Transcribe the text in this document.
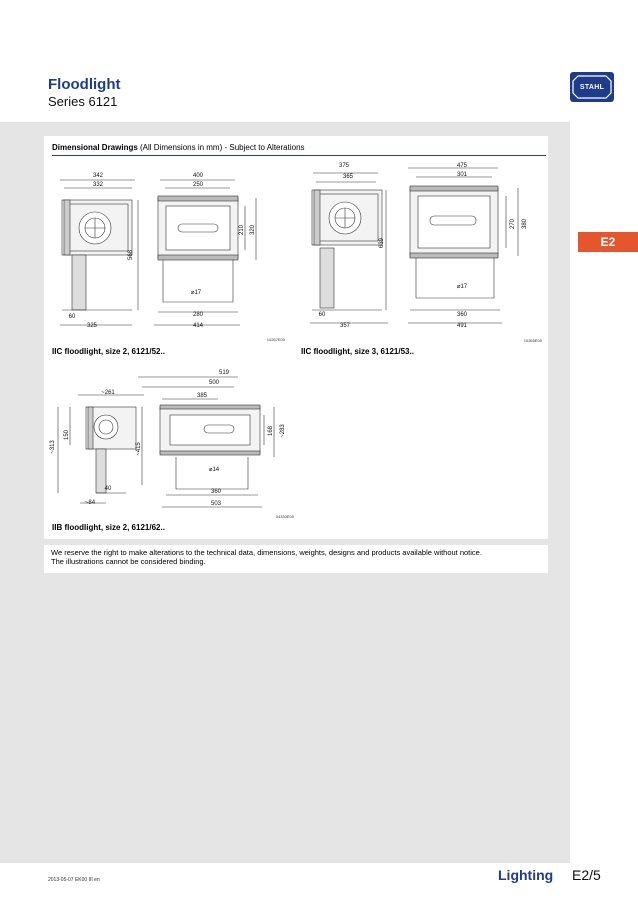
Floodlight
Series 6121
STAHL
E2
Dimensional Drawings (All Dimensions in mm) - Subject to Alterations
342
332
568
60
325
400
250
210 320
⌀17
280
414
10267E00
IIC floodlight, size 2, 6121/52..
375
365
639
60
357
475
301
270 380
⌀17
360
491
10265E00
IIC floodlight, size 3, 6121/53..
~261
150
~313	~415
40
~84
519
500
385
168 ~283
⌀14
360
503
04330E00
IIB floodlight, size 2, 6121/62..
We reserve the right to make alterations to the technical data, dimensions, weights, designs and products available without notice.
The illustrations cannot be considered binding.
2013-05-07 EK00 III en	Lighting E2/5
